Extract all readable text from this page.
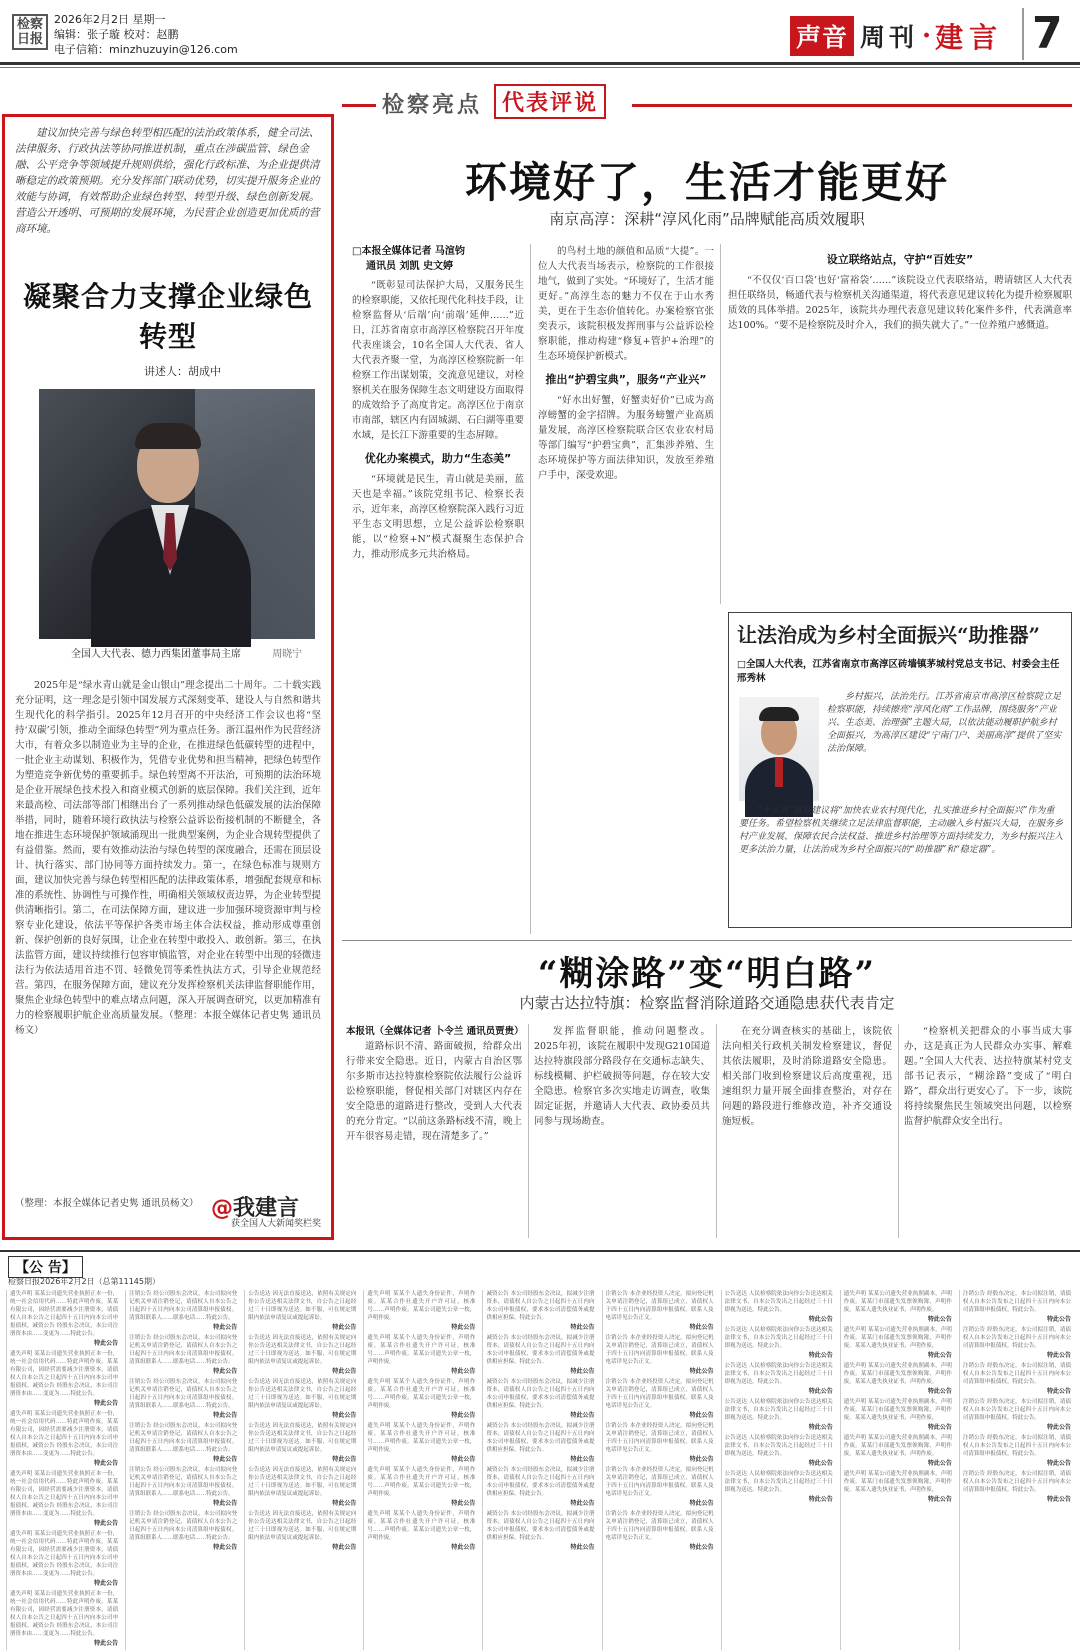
检察日报
2026年2月2日 星期一
编辑：张子璇 校对：赵鹏
电子信箱：minzhuzuyin@126.com	声音 周刊 · 建言 7
建议加快完善与绿色转型相匹配的法治政策体系，健全司法、法律服务、行政执法等协同推进机制，重点在涉碳监管、绿色金融、公平竞争等领域提升规则供给，强化行政标准、为企业提供清晰稳定的政策预期。充分发挥部门联动优势，切实提升服务企业的效能与协调，有效帮助企业绿色转型、转型升级、绿色创新发展。营造公开透明、可预期的发展环境，为民营企业创造更加优质的营商环境。
凝聚合力支撑企业绿色转型
讲述人：胡成中
全国人大代表、德力西集团董事局主席	周晓宁
2025年是“绿水青山就是金山银山”理念提出二十周年。二十载实践充分证明，这一理念是引领中国发展方式深刻变革、建设人与自然和谐共生现代化的科学指引。2025年12月召开的中央经济工作会议也将“坚持‘双碳’引领，推动全面绿色转型”列为重点任务。浙江温州作为民营经济大市，有着众多以制造业为主导的企业，在推进绿色低碳转型的进程中，一批企业主动谋划、积极作为，凭借专业优势和担当精神，把绿色转型作为塑造竞争新优势的重要抓手。绿色转型离不开法治，可预期的法治环境是企业开展绿色技术投入和商业模式创新的底层保障。我们关注到，近年来最高检、司法部等部门相继出台了一系列推动绿色低碳发展的法治保障举措，同时，随着环境行政执法与检察公益诉讼衔接机制的不断健全，各地在推进生态环境保护领域涌现出一批典型案例，为企业合规转型提供了有益借鉴。然而，要有效推动法治与绿色转型的深度融合，还需在顶层设计、执行落实、部门协同等方面持续发力。第一，在绿色标准与规则方面，建议加快完善与绿色转型相匹配的法律政策体系，增强配套规章和标准的系统性、协调性与可操作性，明确相关领域权责边界，为企业转型提供清晰指引。第二，在司法保障方面，建议进一步加强环境资源审判与检察专业化建设，依法平等保护各类市场主体合法权益，推动形成尊重创新、保护创新的良好氛围，让企业在转型中敢投入、敢创新。第三，在执法监管方面，建议持续推行包容审慎监管，对企业在转型中出现的轻微违法行为依法适用首违不罚、轻微免罚等柔性执法方式，引导企业规范经营。第四，在服务保障方面，建议充分发挥检察机关法律监督职能作用，聚焦企业绿色转型中的难点堵点问题，深入开展调查研究，以更加精准有力的检察履职护航企业高质量发展。（整理：本报全媒体记者史隽 通讯员杨文）
（整理：本报全媒体记者史隽 通讯员杨文） @我建言
获全国人大新闻奖栏奖
检察亮点 代表评说
环境好了，生活才能更好
南京高淳：深耕“淳风化雨”品牌赋能高质效履职
□本报全媒体记者 马渲钧
通讯员 刘凯 史文婷

“既彰显司法保护大局，又服务民生的检察职能，又依托现代化科技手段，让检察监督从‘后端’向‘前端’延伸……”近日，江苏省南京市高淳区检察院召开年度代表座谈会，10名全国人大代表、省人大代表齐聚一堂，为高淳区检察院新一年检察工作出谋划策，交流意见建议，对检察机关在服务保障生态文明建设方面取得的成效给予了高度肯定。高淳区位于南京市南部，辖区内有固城湖、石臼湖等重要水域，是长江下游重要的生态屏障。

优化办案模式，助力“生态美”

“环境就是民生，青山就是美丽，蓝天也是幸福。”该院党组书记、检察长表示，近年来，高淳区检察院深入践行习近平生态文明思想，立足公益诉讼检察职能，以“检察+N”模式凝聚生态保护合力，推动形成多元共治格局。

的鸟村土地的颜值和品质“大提”。一位人大代表当场表示，检察院的工作很接地气，做到了实处。“环境好了，生活才能更好。”高淳生态的魅力不仅在于山水秀美，更在于生态价值转化。办案检察官张奕表示，该院积极发挥刑事与公益诉讼检察职能，推动构建“修复+管护+治理”的生态环境保护新模式。

推出“护碧宝典”，服务“产业兴”

“好水出好蟹，好蟹卖好价”已成为高淳螃蟹的金字招牌。为服务螃蟹产业高质量发展，高淳区检察院联合区农业农村局等部门编写“护碧宝典”，汇集涉养殖、生态环境保护等方面法律知识，发放至养殖户手中，深受欢迎。

设立联络站点，守护“百姓安”

“不仅仅‘百口袋’也好‘富裕袋’……”该院设立代表联络站，聘请辖区人大代表担任联络员，畅通代表与检察机关沟通渠道，将代表意见建议转化为提升检察履职质效的具体举措。2025年，该院共办理代表意见建议转化案件多件，代表满意率达100%。“要不是检察院及时介入，我们的损失就大了。”一位养殖户感慨道。

让法治成为乡村全面振兴“助推器”
□全国人大代表，江苏省南京市高淳区砖墙镇茅城村党总支书记、村委会主任 邢秀林
乡村振兴，法治先行。江苏省南京市高淳区检察院立足检察职能，持续擦亮“淳风化雨”工作品牌，围绕服务“产业兴、生态美、治理强”主题大局，以依法能动履职护航乡村全面振兴，为高淳区建设“宁南门户、美丽高淳”提供了坚实法治保障。
“十五五”规划建议将“加快农业农村现代化，扎实推进乡村全面振兴”作为重要任务。希望检察机关继续立足法律监督职能，主动融入乡村振兴大局，在服务乡村产业发展、保障农民合法权益、推进乡村治理等方面持续发力，为乡村振兴注入更多法治力量，让法治成为乡村全面振兴的“助推器”和“稳定器”。
“糊涂路”变“明白路”
内蒙古达拉特旗：检察监督消除道路交通隐患获代表肯定
本报讯（全媒体记者 卜令兰 通讯员贾贵）

道路标识不清、路面破损，给群众出行带来安全隐患。近日，内蒙古自治区鄂尔多斯市达拉特旗检察院依法履行公益诉讼检察职能，督促相关部门对辖区内存在安全隐患的道路进行整改，受到人大代表的充分肯定。“以前这条路标线不清，晚上开车很容易走错，现在清楚多了。”

发挥监督职能，推动问题整改。2025年初，该院在履职中发现G210国道达拉特旗段部分路段存在交通标志缺失、标线模糊、护栏破损等问题，存在较大安全隐患。检察官多次实地走访调查，收集固定证据，并邀请人大代表、政协委员共同参与现场勘查。

在充分调查核实的基础上，该院依法向相关行政机关制发检察建议，督促其依法履职，及时消除道路安全隐患。相关部门收到检察建议后高度重视，迅速组织力量开展全面排查整治，对存在问题的路段进行维修改造，补齐交通设施短板。

“检察机关把群众的小事当成大事办，这是真正为人民群众办实事、解难题。”全国人大代表、达拉特旗某村党支部书记表示，“糊涂路”变成了“明白路”，群众出行更安心了。下一步，该院将持续聚焦民生领域突出问题，以检察监督护航群众安全出行。

【公 告】
检察日报2026年2月2日（总第11145期）
遗失声明 某某公司遗失营业执照正本一份，统一社会信用代码……特此声明作废。某某有限公司，因经营需要减少注册资本，请债权人自本公告之日起四十五日内向本公司申报债权。减资公告 经股东会决议，本公司注册资本由……变更为……特此公告。
特此公告
遗失声明 某某公司遗失营业执照正本一份，统一社会信用代码……特此声明作废。某某有限公司，因经营需要减少注册资本，请债权人自本公告之日起四十五日内向本公司申报债权。减资公告 经股东会决议，本公司注册资本由……变更为……特此公告。
特此公告
遗失声明 某某公司遗失营业执照正本一份，统一社会信用代码……特此声明作废。某某有限公司，因经营需要减少注册资本，请债权人自本公告之日起四十五日内向本公司申报债权。减资公告 经股东会决议，本公司注册资本由……变更为……特此公告。
特此公告
遗失声明 某某公司遗失营业执照正本一份，统一社会信用代码……特此声明作废。某某有限公司，因经营需要减少注册资本，请债权人自本公告之日起四十五日内向本公司申报债权。减资公告 经股东会决议，本公司注册资本由……变更为……特此公告。
特此公告
遗失声明 某某公司遗失营业执照正本一份，统一社会信用代码……特此声明作废。某某有限公司，因经营需要减少注册资本，请债权人自本公告之日起四十五日内向本公司申报债权。减资公告 经股东会决议，本公司注册资本由……变更为……特此公告。
特此公告
遗失声明 某某公司遗失营业执照正本一份，统一社会信用代码……特此声明作废。某某有限公司，因经营需要减少注册资本，请债权人自本公告之日起四十五日内向本公司申报债权。减资公告 经股东会决议，本公司注册资本由……变更为……特此公告。
特此公告
注销公告 经公司股东会决议，本公司拟向登记机关申请注销登记，请债权人自本公告之日起四十五日内向本公司清算组申报债权。清算组联系人……联系电话……特此公告。
特此公告
注销公告 经公司股东会决议，本公司拟向登记机关申请注销登记，请债权人自本公告之日起四十五日内向本公司清算组申报债权。清算组联系人……联系电话……特此公告。
特此公告
注销公告 经公司股东会决议，本公司拟向登记机关申请注销登记，请债权人自本公告之日起四十五日内向本公司清算组申报债权。清算组联系人……联系电话……特此公告。
特此公告
注销公告 经公司股东会决议，本公司拟向登记机关申请注销登记，请债权人自本公告之日起四十五日内向本公司清算组申报债权。清算组联系人……联系电话……特此公告。
特此公告
注销公告 经公司股东会决议，本公司拟向登记机关申请注销登记，请债权人自本公告之日起四十五日内向本公司清算组申报债权。清算组联系人……联系电话……特此公告。
特此公告
注销公告 经公司股东会决议，本公司拟向登记机关申请注销登记，请债权人自本公告之日起四十五日内向本公司清算组申报债权。清算组联系人……联系电话……特此公告。
特此公告
公告送达 因无法直接送达，依照有关规定向你公告送达相关法律文书，自公告之日起经过三十日即视为送达。如不服，可在规定期限内依法申请复议或提起诉讼。
特此公告
公告送达 因无法直接送达，依照有关规定向你公告送达相关法律文书，自公告之日起经过三十日即视为送达。如不服，可在规定期限内依法申请复议或提起诉讼。
特此公告
公告送达 因无法直接送达，依照有关规定向你公告送达相关法律文书，自公告之日起经过三十日即视为送达。如不服，可在规定期限内依法申请复议或提起诉讼。
特此公告
公告送达 因无法直接送达，依照有关规定向你公告送达相关法律文书，自公告之日起经过三十日即视为送达。如不服，可在规定期限内依法申请复议或提起诉讼。
特此公告
公告送达 因无法直接送达，依照有关规定向你公告送达相关法律文书，自公告之日起经过三十日即视为送达。如不服，可在规定期限内依法申请复议或提起诉讼。
特此公告
公告送达 因无法直接送达，依照有关规定向你公告送达相关法律文书，自公告之日起经过三十日即视为送达。如不服，可在规定期限内依法申请复议或提起诉讼。
特此公告
遗失声明 某某个人遗失身份证件，声明作废。某某合作社遗失开户许可证，核准号……声明作废。某某公司遗失公章一枚，声明作废。
特此公告
遗失声明 某某个人遗失身份证件，声明作废。某某合作社遗失开户许可证，核准号……声明作废。某某公司遗失公章一枚，声明作废。
特此公告
遗失声明 某某个人遗失身份证件，声明作废。某某合作社遗失开户许可证，核准号……声明作废。某某公司遗失公章一枚，声明作废。
特此公告
遗失声明 某某个人遗失身份证件，声明作废。某某合作社遗失开户许可证，核准号……声明作废。某某公司遗失公章一枚，声明作废。
特此公告
遗失声明 某某个人遗失身份证件，声明作废。某某合作社遗失开户许可证，核准号……声明作废。某某公司遗失公章一枚，声明作废。
特此公告
遗失声明 某某个人遗失身份证件，声明作废。某某合作社遗失开户许可证，核准号……声明作废。某某公司遗失公章一枚，声明作废。
特此公告
减资公告 本公司经股东会决议，拟减少注册资本，请债权人自公告之日起四十五日内向本公司申报债权，要求本公司清偿债务或提供相应担保。特此公告。
特此公告
减资公告 本公司经股东会决议，拟减少注册资本，请债权人自公告之日起四十五日内向本公司申报债权，要求本公司清偿债务或提供相应担保。特此公告。
特此公告
减资公告 本公司经股东会决议，拟减少注册资本，请债权人自公告之日起四十五日内向本公司申报债权，要求本公司清偿债务或提供相应担保。特此公告。
特此公告
减资公告 本公司经股东会决议，拟减少注册资本，请债权人自公告之日起四十五日内向本公司申报债权，要求本公司清偿债务或提供相应担保。特此公告。
特此公告
减资公告 本公司经股东会决议，拟减少注册资本，请债权人自公告之日起四十五日内向本公司申报债权，要求本公司清偿债务或提供相应担保。特此公告。
特此公告
减资公告 本公司经股东会决议，拟减少注册资本，请债权人自公告之日起四十五日内向本公司申报债权，要求本公司清偿债务或提供相应担保。特此公告。
特此公告
注销公告 本企业经投资人决定，拟向登记机关申请注销登记，清算组已成立，请债权人于四十五日内向清算组申报债权。联系人及电话详见公告正文。
特此公告
注销公告 本企业经投资人决定，拟向登记机关申请注销登记，清算组已成立，请债权人于四十五日内向清算组申报债权。联系人及电话详见公告正文。
特此公告
注销公告 本企业经投资人决定，拟向登记机关申请注销登记，清算组已成立，请债权人于四十五日内向清算组申报债权。联系人及电话详见公告正文。
特此公告
注销公告 本企业经投资人决定，拟向登记机关申请注销登记，清算组已成立，请债权人于四十五日内向清算组申报债权。联系人及电话详见公告正文。
特此公告
注销公告 本企业经投资人决定，拟向登记机关申请注销登记，清算组已成立，请债权人于四十五日内向清算组申报债权。联系人及电话详见公告正文。
特此公告
注销公告 本企业经投资人决定，拟向登记机关申请注销登记，清算组已成立，请债权人于四十五日内向清算组申报债权。联系人及电话详见公告正文。
特此公告
公告送达 人民检察院依法向你公告送达相关法律文书，自本公告发出之日起经过三十日即视为送达。特此公告。
特此公告
公告送达 人民检察院依法向你公告送达相关法律文书，自本公告发出之日起经过三十日即视为送达。特此公告。
特此公告
公告送达 人民检察院依法向你公告送达相关法律文书，自本公告发出之日起经过三十日即视为送达。特此公告。
特此公告
公告送达 人民检察院依法向你公告送达相关法律文书，自本公告发出之日起经过三十日即视为送达。特此公告。
特此公告
公告送达 人民检察院依法向你公告送达相关法律文书，自本公告发出之日起经过三十日即视为送达。特此公告。
特此公告
公告送达 人民检察院依法向你公告送达相关法律文书，自本公告发出之日起经过三十日即视为送达。特此公告。
特此公告
遗失声明 某某公司遗失营业执照副本，声明作废。某某门市部遗失发票领购簿，声明作废。某某人遗失执业证书，声明作废。
特此公告
遗失声明 某某公司遗失营业执照副本，声明作废。某某门市部遗失发票领购簿，声明作废。某某人遗失执业证书，声明作废。
特此公告
遗失声明 某某公司遗失营业执照副本，声明作废。某某门市部遗失发票领购簿，声明作废。某某人遗失执业证书，声明作废。
特此公告
遗失声明 某某公司遗失营业执照副本，声明作废。某某门市部遗失发票领购簿，声明作废。某某人遗失执业证书，声明作废。
特此公告
遗失声明 某某公司遗失营业执照副本，声明作废。某某门市部遗失发票领购簿，声明作废。某某人遗失执业证书，声明作废。
特此公告
遗失声明 某某公司遗失营业执照副本，声明作废。某某门市部遗失发票领购簿，声明作废。某某人遗失执业证书，声明作废。
特此公告
注销公告 经股东决定，本公司拟注销，请债权人自本公告发布之日起四十五日内向本公司清算组申报债权。特此公告。
特此公告
注销公告 经股东决定，本公司拟注销，请债权人自本公告发布之日起四十五日内向本公司清算组申报债权。特此公告。
特此公告
注销公告 经股东决定，本公司拟注销，请债权人自本公告发布之日起四十五日内向本公司清算组申报债权。特此公告。
特此公告
注销公告 经股东决定，本公司拟注销，请债权人自本公告发布之日起四十五日内向本公司清算组申报债权。特此公告。
特此公告
注销公告 经股东决定，本公司拟注销，请债权人自本公告发布之日起四十五日内向本公司清算组申报债权。特此公告。
特此公告
注销公告 经股东决定，本公司拟注销，请债权人自本公告发布之日起四十五日内向本公司清算组申报债权。特此公告。
特此公告
